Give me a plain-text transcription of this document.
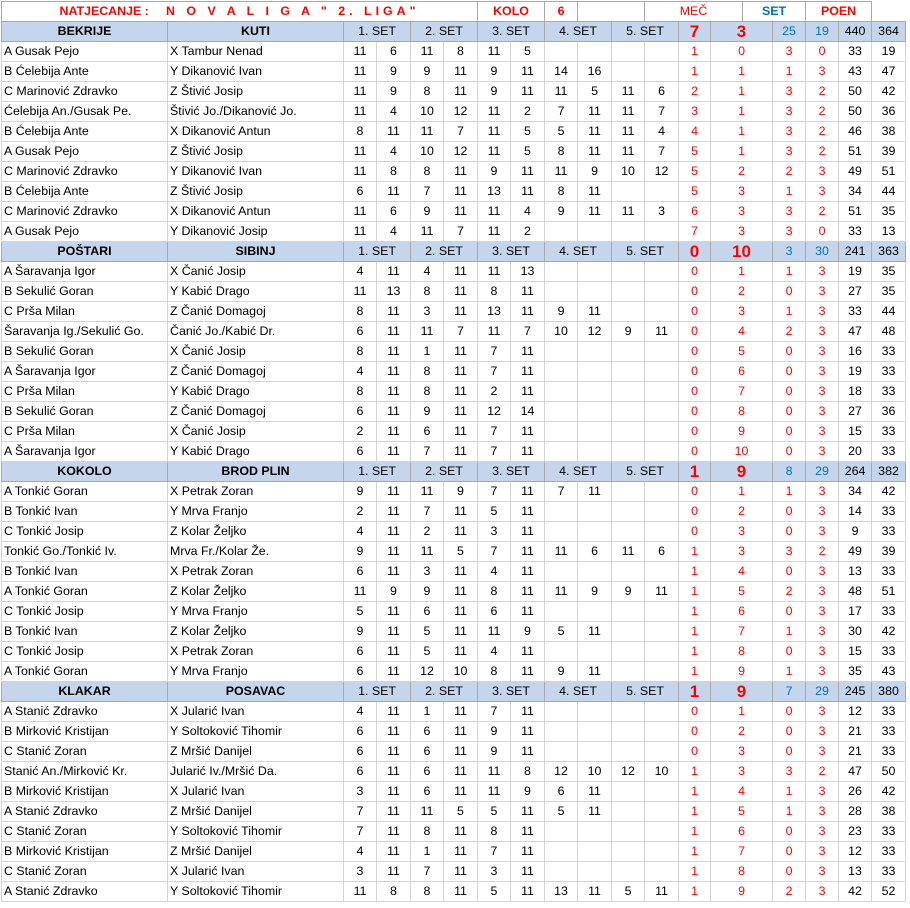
NATJECANJE : N O V A L I G A " 2. LIGA"						KOLO		6			MEČ			SET		POEN		
BEKRIJE	KUTI	1. SET		2. SET		3. SET		4. SET		5. SET		7	3		25	19	440	364
A Gusak Pejo	X Tambur Nenad	11	6	11	8	11	5					1	0		3	0	33	19
B Ćelebija Ante	Y Dikanović Ivan	11	9	9	11	9	11	14	16			1	1		1	3	43	47
C Marinović Zdravko	Z Štivić Josip	11	9	8	11	9	11	11	5	11	6	2	1		3	2	50	42
Ćelebija An./Gusak Pe.	Štivić Jo./Dikanović Jo.	11	4	10	12	11	2	7	11	11	7	3	1		3	2	50	36
B Ćelebija Ante	X Dikanović Antun	8	11	11	7	11	5	5	11	11	4	4	1		3	2	46	38
A Gusak Pejo	Z Štivić Josip	11	4	10	12	11	5	8	11	11	7	5	1		3	2	51	39
C Marinović Zdravko	Y Dikanović Ivan	11	8	8	11	9	11	11	9	10	12	5	2		2	3	49	51
B Ćelebija Ante	Z Štivić Josip	6	11	7	11	13	11	8	11			5	3		1	3	34	44
C Marinović Zdravko	X Dikanović Antun	11	6	9	11	11	4	9	11	11	3	6	3		3	2	51	35
A Gusak Pejo	Y Dikanović Josip	11	4	11	7	11	2					7	3		3	0	33	13
POŠTARI	SIBINJ	1. SET		2. SET		3. SET		4. SET		5. SET		0	10		3	30	241	363
A Šaravanja Igor	X Čanić Josip	4	11	4	11	11	13					0	1		1	3	19	35
B Sekulić Goran	Y Kabić Drago	11	13	8	11	8	11					0	2		0	3	27	35
C Prša Milan	Z Čanić Domagoj	8	11	3	11	13	11	9	11			0	3		1	3	33	44
Šaravanja Ig./Sekulić Go.	Čanić Jo./Kabić Dr.	6	11	11	7	11	7	10	12	9	11	0	4		2	3	47	48
B Sekulić Goran	X Čanić Josip	8	11	1	11	7	11					0	5		0	3	16	33
A Šaravanja Igor	Z Čanić Domagoj	4	11	8	11	7	11					0	6		0	3	19	33
C Prša Milan	Y Kabić Drago	8	11	8	11	2	11					0	7		0	3	18	33
B Sekulić Goran	Z Čanić Domagoj	6	11	9	11	12	14					0	8		0	3	27	36
C Prša Milan	X Čanić Josip	2	11	6	11	7	11					0	9		0	3	15	33
A Šaravanja Igor	Y Kabić Drago	6	11	7	11	7	11					0	10		0	3	20	33
KOKOLO	BROD PLIN	1. SET		2. SET		3. SET		4. SET		5. SET		1	9		8	29	264	382
A Tonkić Goran	X Petrak Zoran	9	11	11	9	7	11	7	11			0	1		1	3	34	42
B Tonkić Ivan	Y Mrva Franjo	2	11	7	11	5	11					0	2		0	3	14	33
C Tonkić Josip	Z Kolar Željko	4	11	2	11	3	11					0	3		0	3	9	33
Tonkić Go./Tonkić Iv.	Mrva Fr./Kolar Že.	9	11	11	5	7	11	11	6	11	6	1	3		3	2	49	39
B Tonkić Ivan	X Petrak Zoran	6	11	3	11	4	11					1	4		0	3	13	33
A Tonkić Goran	Z Kolar Željko	11	9	9	11	8	11	11	9	9	11	1	5		2	3	48	51
C Tonkić Josip	Y Mrva Franjo	5	11	6	11	6	11					1	6		0	3	17	33
B Tonkić Ivan	Z Kolar Željko	9	11	5	11	11	9	5	11			1	7		1	3	30	42
C Tonkić Josip	X Petrak Zoran	6	11	5	11	4	11					1	8		0	3	15	33
A Tonkić Goran	Y Mrva Franjo	6	11	12	10	8	11	9	11			1	9		1	3	35	43
KLAKAR	POSAVAC	1. SET		2. SET		3. SET		4. SET		5. SET		1	9		7	29	245	380
A Stanić Zdravko	X Jularić Ivan	4	11	1	11	7	11					0	1		0	3	12	33
B Mirković Kristijan	Y Soltoković Tihomir	6	11	6	11	9	11					0	2		0	3	21	33
C Stanić Zoran	Z Mršić Danijel	6	11	6	11	9	11					0	3		0	3	21	33
Stanić An./Mirković Kr.	Jularić Iv./Mršić Da.	6	11	6	11	11	8	12	10	12	10	1	3		3	2	47	50
B Mirković Kristijan	X Jularić Ivan	3	11	6	11	11	9	6	11			1	4		1	3	26	42
A Stanić Zdravko	Z Mršić Danijel	7	11	11	5	5	11	5	11			1	5		1	3	28	38
C Stanić Zoran	Y Soltoković Tihomir	7	11	8	11	8	11					1	6		0	3	23	33
B Mirković Kristijan	Z Mršić Danijel	4	11	1	11	7	11					1	7		0	3	12	33
C Stanić Zoran	X Jularić Ivan	3	11	7	11	3	11					1	8		0	3	13	33
A Stanić Zdravko	Y Soltoković Tihomir	11	8	8	11	5	11	13	11	5	11	1	9		2	3	42	52
